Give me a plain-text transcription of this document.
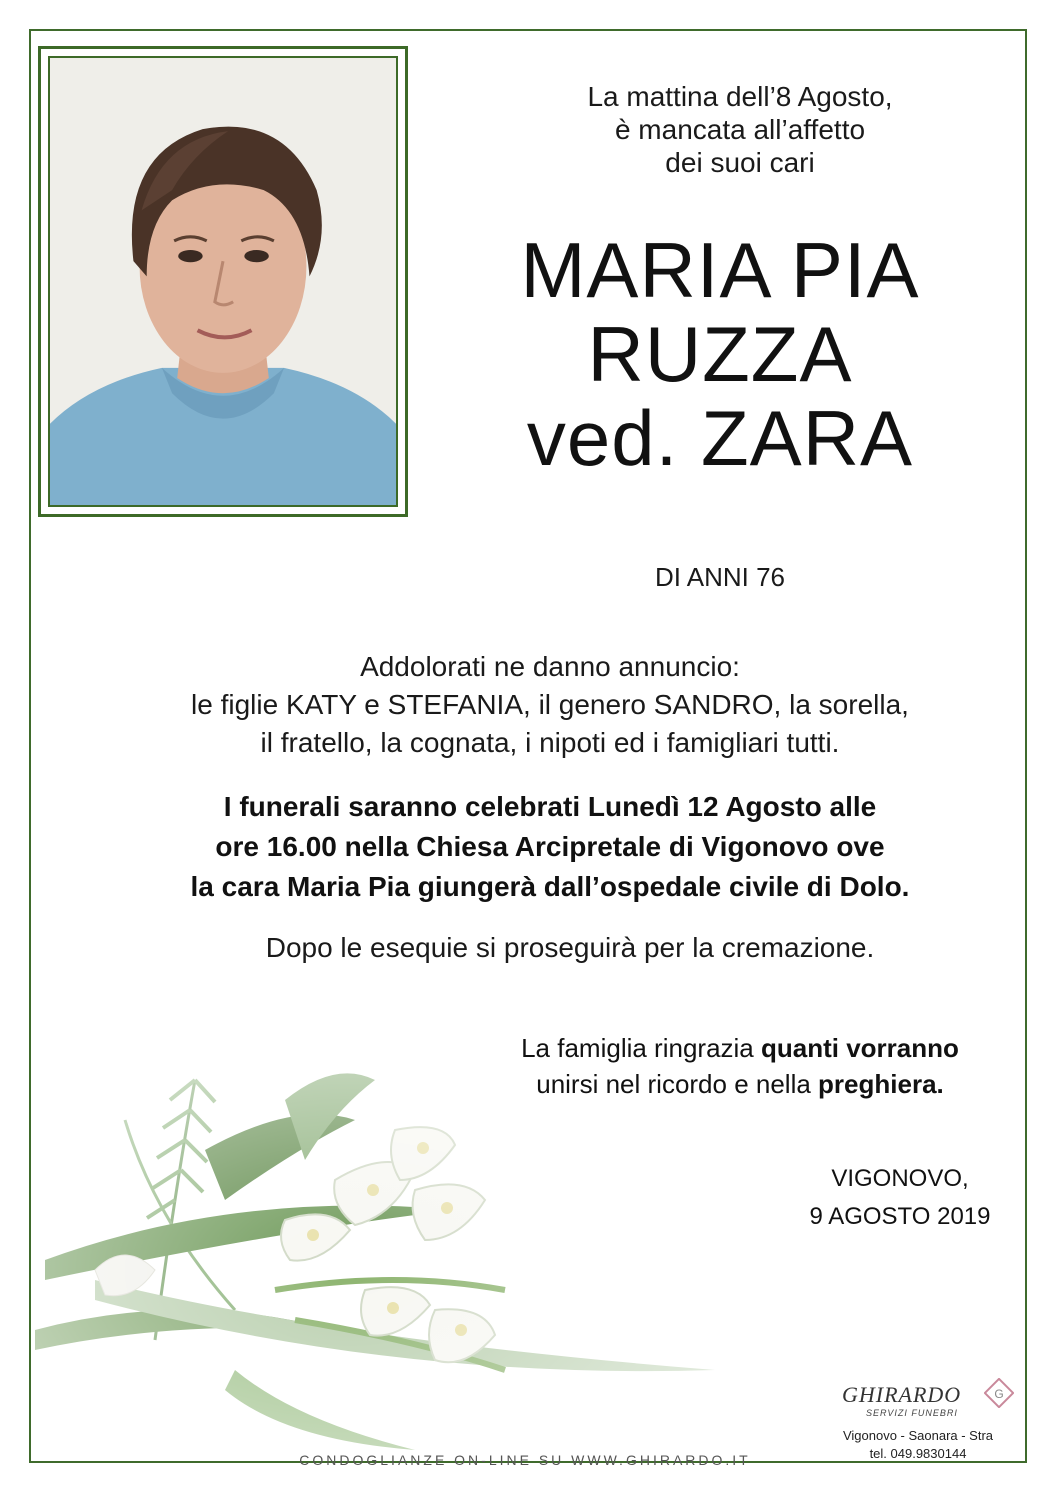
La mattina dell’8 Agosto,
è mancata all’affetto
dei suoi cari
MARIA PIA
RUZZA
ved. ZARA
DI ANNI 76
Addolorati ne danno annuncio:
le figlie KATY e STEFANIA, il genero SANDRO, la sorella,
il fratello, la cognata, i nipoti ed i famigliari tutti.
I funerali saranno celebrati Lunedì 12 Agosto alle
ore 16.00 nella Chiesa Arcipretale di Vigonovo ove
la cara Maria Pia giungerà dall’ospedale civile di Dolo.
Dopo le esequie si proseguirà per la cremazione.
La famiglia ringrazia quanti vorranno
unirsi nel ricordo e nella preghiera.
VIGONOVO,
9 AGOSTO 2019
CONDOGLIANZE ON-LINE SU WWW.GHIRARDO.IT
GHIRARDO
SERVIZI FUNEBRI
G
Vigonovo - Saonara - Stra
tel. 049.9830144
